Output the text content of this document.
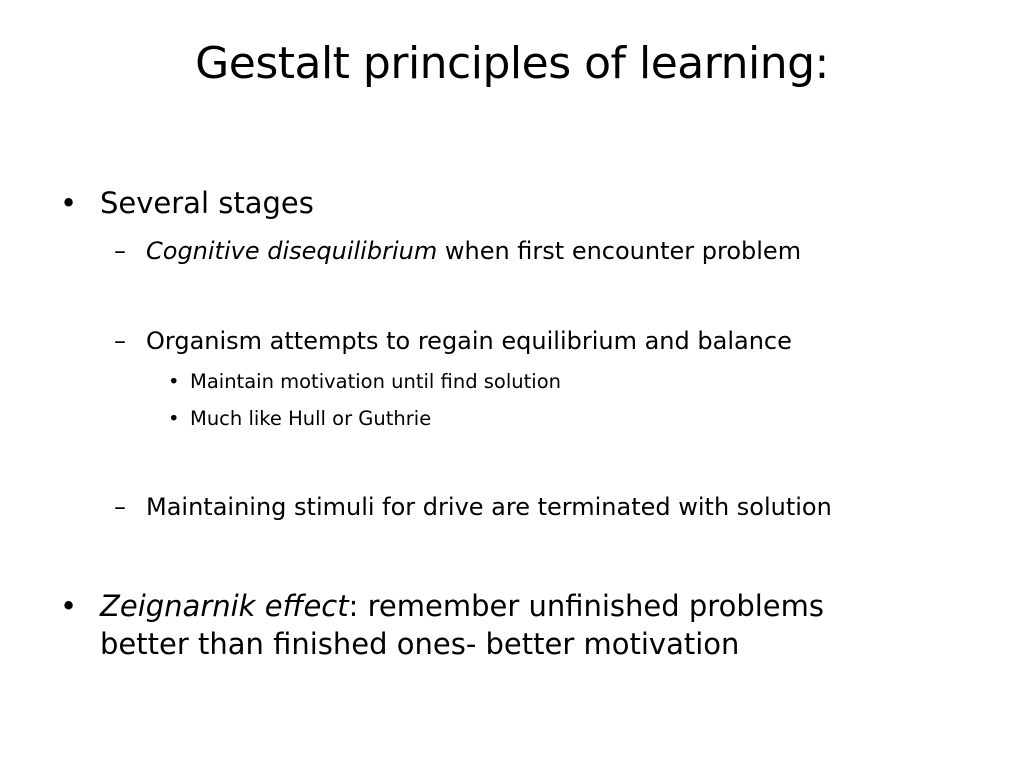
Gestalt principles of learning:
• Several stages
– Cognitive disequilibrium when first encounter problem
– Organism attempts to regain equilibrium and balance
• Maintain motivation until find solution
• Much like Hull or Guthrie
– Maintaining stimuli for drive are terminated with solution
• Zeignarnik effect: remember unfinished problems better than finished ones- better motivation
